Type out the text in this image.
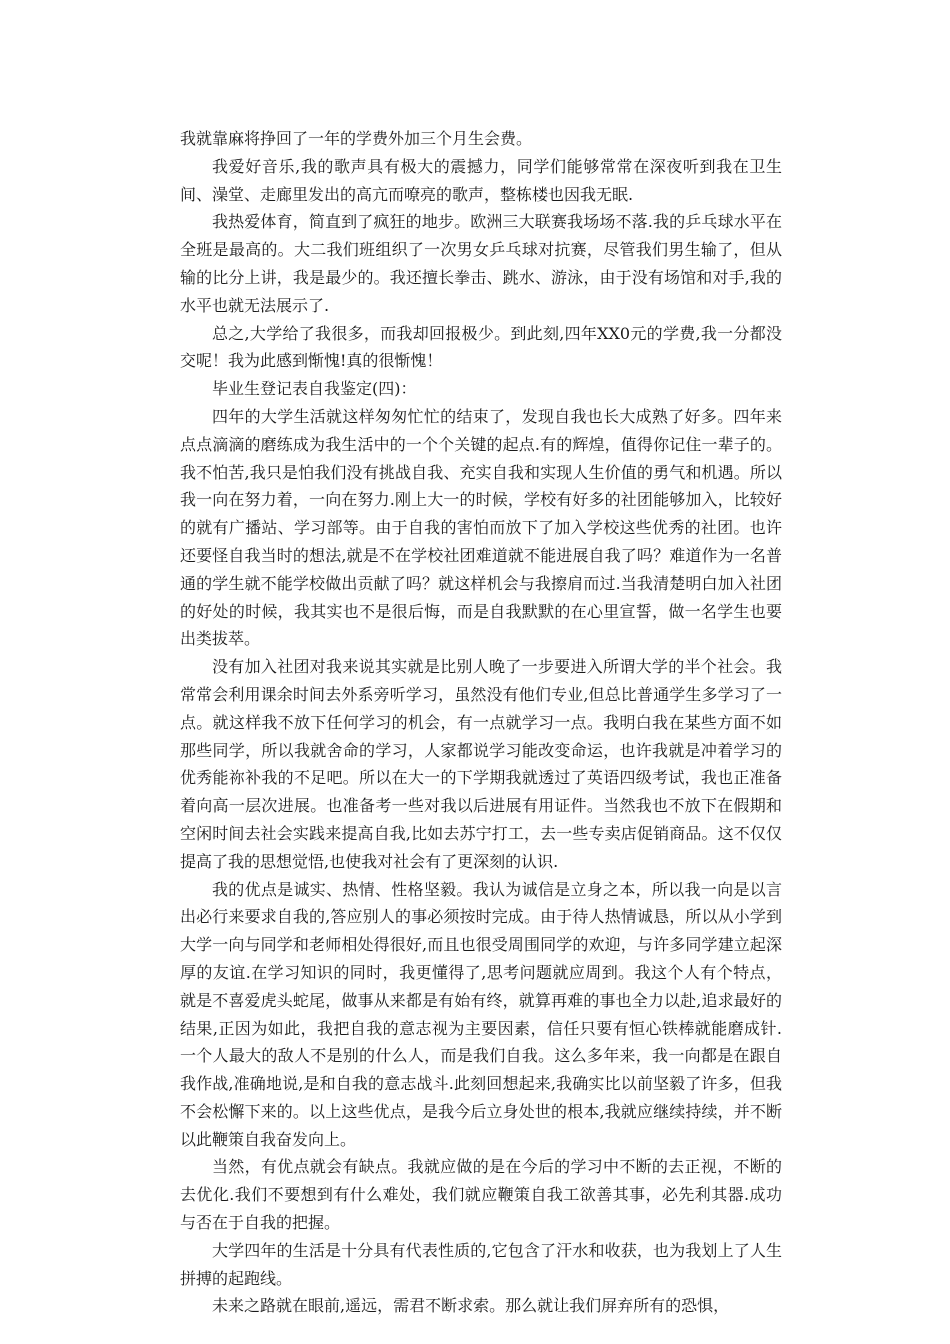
我就靠麻将挣回了一年的学费外加三个月生会费。

我爱好音乐,我的歌声具有极大的震撼力，同学们能够常常在深夜听到我在卫生间、澡堂、走廊里发出的高亢而嘹亮的歌声，整栋楼也因我无眠.

我热爱体育，简直到了疯狂的地步。欧洲三大联赛我场场不落.我的乒乓球水平在全班是最高的。大二我们班组织了一次男女乒乓球对抗赛，尽管我们男生输了，但从输的比分上讲，我是最少的。我还擅长拳击、跳水、游泳，由于没有场馆和对手,我的水平也就无法展示了.

总之,大学给了我很多，而我却回报极少。到此刻,四年XX0元的学费,我一分都没交呢！我为此感到惭愧!真的很惭愧！

毕业生登记表自我鉴定(四)：

四年的大学生活就这样匆匆忙忙的结束了，发现自我也长大成熟了好多。四年来点点滴滴的磨练成为我生活中的一个个关键的起点.有的辉煌，值得你记住一辈子的。我不怕苦,我只是怕我们没有挑战自我、充实自我和实现人生价值的勇气和机遇。所以我一向在努力着，一向在努力.刚上大一的时候，学校有好多的社团能够加入，比较好的就有广播站、学习部等。由于自我的害怕而放下了加入学校这些优秀的社团。也许还要怪自我当时的想法,就是不在学校社团难道就不能进展自我了吗？难道作为一名普通的学生就不能学校做出贡献了吗？就这样机会与我擦肩而过.当我清楚明白加入社团的好处的时候，我其实也不是很后悔，而是自我默默的在心里宣誓，做一名学生也要出类拔萃。

没有加入社团对我来说其实就是比别人晚了一步要进入所谓大学的半个社会。我常常会利用课余时间去外系旁听学习，虽然没有他们专业,但总比普通学生多学习了一点。就这样我不放下任何学习的机会，有一点就学习一点。我明白我在某些方面不如那些同学，所以我就舍命的学习，人家都说学习能改变命运，也许我就是冲着学习的优秀能祢补我的不足吧。所以在大一的下学期我就透过了英语四级考试，我也正准备着向高一层次进展。也准备考一些对我以后进展有用证件。当然我也不放下在假期和空闲时间去社会实践来提高自我,比如去苏宁打工，去一些专卖店促销商品。这不仅仅提高了我的思想觉悟,也使我对社会有了更深刻的认识.

我的优点是诚实、热情、性格坚毅。我认为诚信是立身之本，所以我一向是以言出必行来要求自我的,答应别人的事必须按时完成。由于待人热情诚恳，所以从小学到大学一向与同学和老师相处得很好,而且也很受周围同学的欢迎，与许多同学建立起深厚的友谊.在学习知识的同时，我更懂得了,思考问题就应周到。我这个人有个特点，就是不喜爱虎头蛇尾，做事从来都是有始有终，就算再难的事也全力以赴,追求最好的结果,正因为如此，我把自我的意志视为主要因素，信任只要有恒心铁棒就能磨成针.一个人最大的敌人不是别的什么人，而是我们自我。这么多年来，我一向都是在跟自我作战,准确地说,是和自我的意志战斗.此刻回想起来,我确实比以前坚毅了许多，但我不会松懈下来的。以上这些优点，是我今后立身处世的根本,我就应继续持续，并不断以此鞭策自我奋发向上。

当然，有优点就会有缺点。我就应做的是在今后的学习中不断的去正视，不断的去优化.我们不要想到有什么难处，我们就应鞭策自我工欲善其事，必先利其器.成功与否在于自我的把握。

大学四年的生活是十分具有代表性质的,它包含了汗水和收获，也为我划上了人生拼搏的起跑线。

未来之路就在眼前,遥远，需君不断求索。那么就让我们屏弃所有的恐惧，
